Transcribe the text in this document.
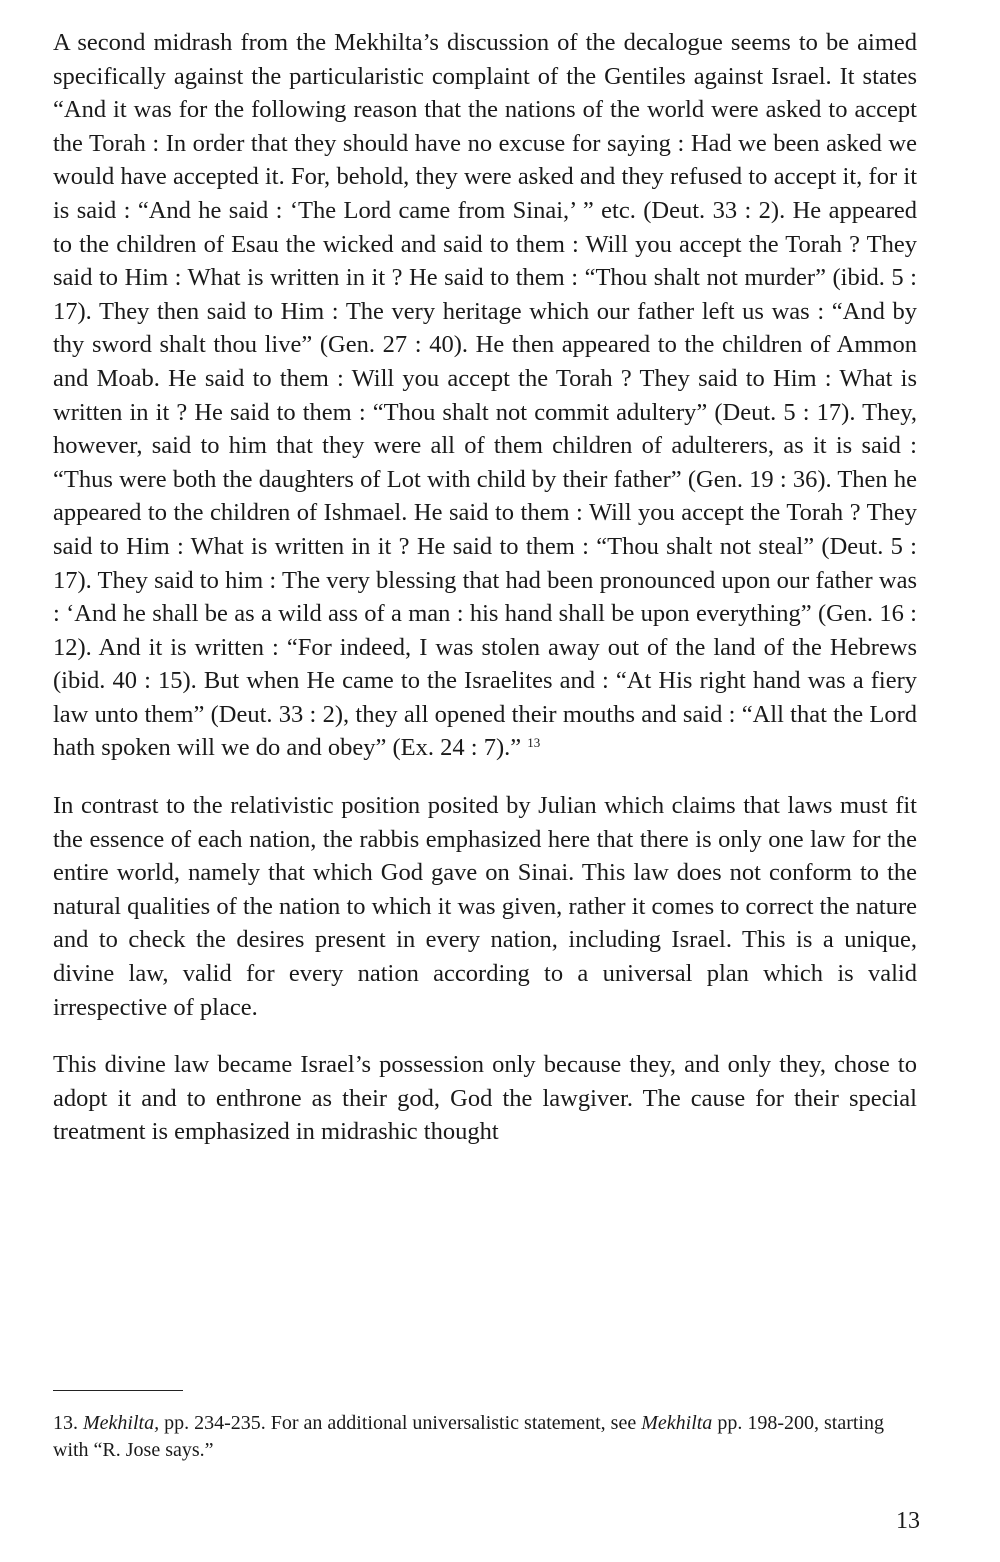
A second midrash from the Mekhilta’s discussion of the decalogue seems to be aimed specifically against the particularistic complaint of the Gentiles against Israel. It states “And it was for the following reason that the nations of the world were asked to accept the Torah : In order that they should have no excuse for saying : Had we been asked we would have accepted it. For, behold, they were asked and they refused to accept it, for it is said : “And he said : ‘The Lord came from Sinai,’ ” etc. (Deut. 33 : 2). He appeared to the children of Esau the wicked and said to them : Will you accept the Torah ? They said to Him : What is written in it ? He said to them : “Thou shalt not murder” (ibid. 5 : 17). They then said to Him : The very heritage which our father left us was : “And by thy sword shalt thou live” (Gen. 27 : 40). He then appeared to the children of Ammon and Moab. He said to them : Will you accept the Torah ? They said to Him : What is written in it ? He said to them : “Thou shalt not commit adultery” (Deut. 5 : 17). They, however, said to him that they were all of them children of adulterers, as it is said : “Thus were both the daughters of Lot with child by their father” (Gen. 19 : 36). Then he appeared to the children of Ishmael. He said to them : Will you accept the Torah ? They said to Him : What is written in it ? He said to them : “Thou shalt not steal” (Deut. 5 : 17). They said to him : The very blessing that had been pronounced upon our father was : ‘And he shall be as a wild ass of a man : his hand shall be upon everything” (Gen. 16 : 12). And it is written : “For indeed, I was stolen away out of the land of the Hebrews (ibid. 40 : 15). But when He came to the Israelites and : “At His right hand was a fiery law unto them” (Deut. 33 : 2), they all opened their mouths and said : “All that the Lord hath spoken will we do and obey” (Ex. 24 : 7).” $^{13}$

In contrast to the relativistic position posited by Julian which claims that laws must fit the essence of each nation, the rabbis emphasized here that there is only one law for the entire world, namely that which God gave on Sinai. This law does not conform to the natural qualities of the nation to which it was given, rather it comes to correct the nature and to check the desires present in every nation, including Israel. This is a unique, divine law, valid for every nation according to a universal plan which is valid irrespective of place.

This divine law became Israel’s possession only because they, and only they, chose to adopt it and to enthrone as their god, God the lawgiver. The cause for their special treatment is emphasized in midrashic thought

13. Mekhilta, pp. 234-235. For an additional universalistic statement, see Mekhilta pp. 198-200, starting with “R. Jose says.”

13
